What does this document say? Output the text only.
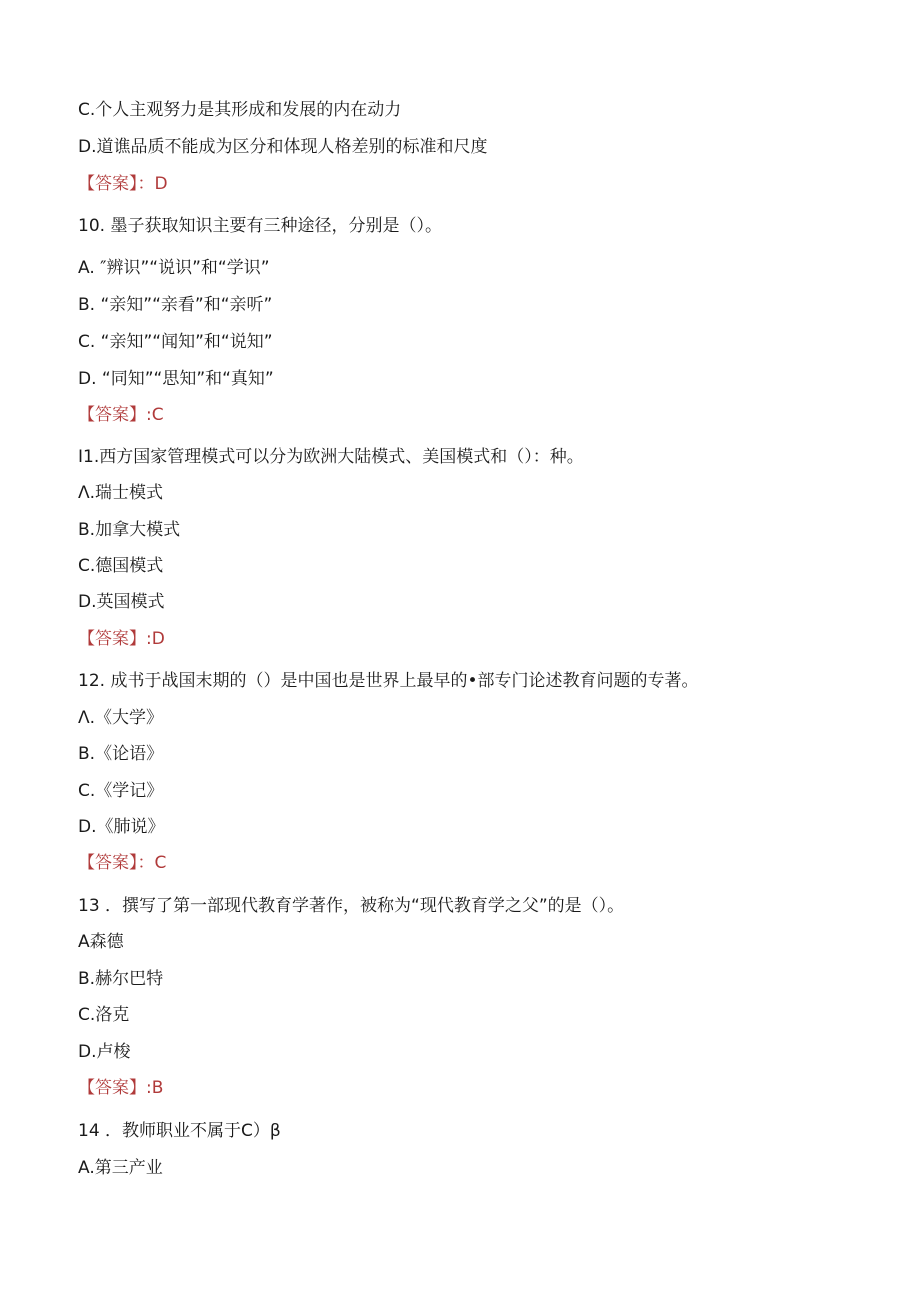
C.个人主观努力是其形成和发展的内在动力
D.道谯品质不能成为区分和体现人格差别的标准和尺度
【答案】：D
10. 墨子获取知识主要有三种途径，分别是（）。
A. ″辨识”“说识”和“学识”
B. “亲知”“亲看”和“亲听”
C. “亲知”“闻知”和“说知”
D. “同知”“思知”和“真知”
【答案】:C
I1.西方国家管理模式可以分为欧洲大陆模式、美国模式和（）：种。
Λ.瑞士模式
B.加拿大模式
C.德国模式
D.英国模式
【答案】:D
12. 成书于战国末期的（）是中国也是世界上最早的•部专门论述教育问题的专著。
Λ.《大学》
B.《论语》
C.《学记》
D.《肺说》
【答案】：C
13 ．撰写了第一部现代教育学著作，被称为“现代教育学之父”的是（）。
A森德
B.赫尔巴特
C.洛克
D.卢梭
【答案】:B
14 ．教师职业不属于C）β
A.第三产业
